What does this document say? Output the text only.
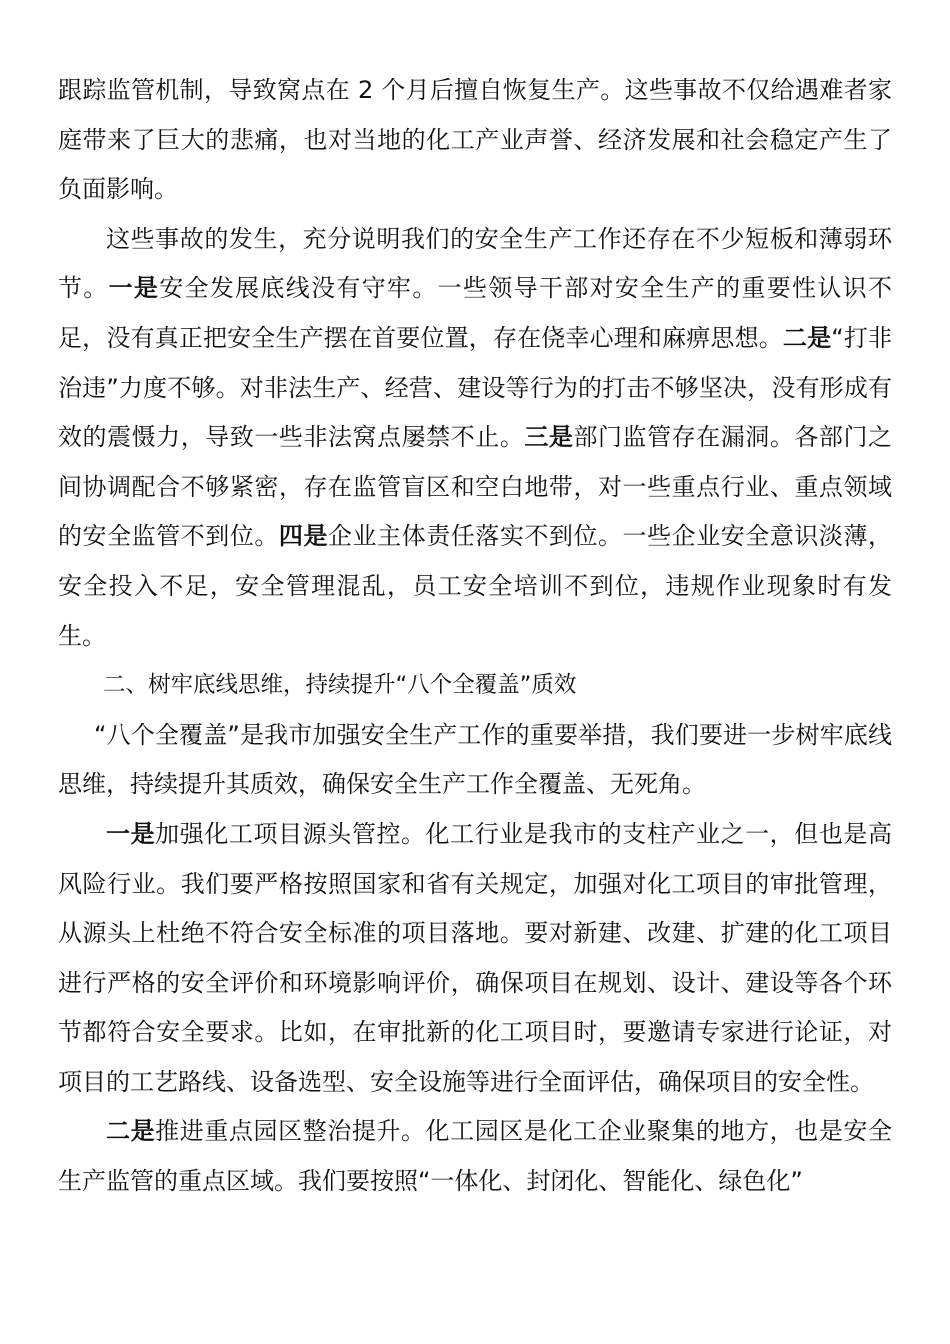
跟踪监管机制，导致窝点在 2 个月后擅自恢复生产。这些事故不仅给遇难者家庭带来了巨大的悲痛，也对当地的化工产业声誉、经济发展和社会稳定产生了负面影响。

这些事故的发生，充分说明我们的安全生产工作还存在不少短板和薄弱环节。一是安全发展底线没有守牢。一些领导干部对安全生产的重要性认识不足，没有真正把安全生产摆在首要位置，存在侥幸心理和麻痹思想。二是“打非治违”力度不够。对非法生产、经营、建设等行为的打击不够坚决，没有形成有效的震慑力，导致一些非法窝点屡禁不止。三是部门监管存在漏洞。各部门之间协调配合不够紧密，存在监管盲区和空白地带，对一些重点行业、重点领域的安全监管不到位。四是企业主体责任落实不到位。一些企业安全意识淡薄，安全投入不足，安全管理混乱，员工安全培训不到位，违规作业现象时有发生。

二、树牢底线思维，持续提升“八个全覆盖”质效

“八个全覆盖”是我市加强安全生产工作的重要举措，我们要进一步树牢底线思维，持续提升其质效，确保安全生产工作全覆盖、无死角。

一是加强化工项目源头管控。化工行业是我市的支柱产业之一，但也是高风险行业。我们要严格按照国家和省有关规定，加强对化工项目的审批管理，从源头上杜绝不符合安全标准的项目落地。要对新建、改建、扩建的化工项目进行严格的安全评价和环境影响评价，确保项目在规划、设计、建设等各个环节都符合安全要求。比如，在审批新的化工项目时，要邀请专家进行论证，对项目的工艺路线、设备选型、安全设施等进行全面评估，确保项目的安全性。

二是推进重点园区整治提升。化工园区是化工企业聚集的地方，也是安全生产监管的重点区域。我们要按照“一体化、封闭化、智能化、绿色化”
